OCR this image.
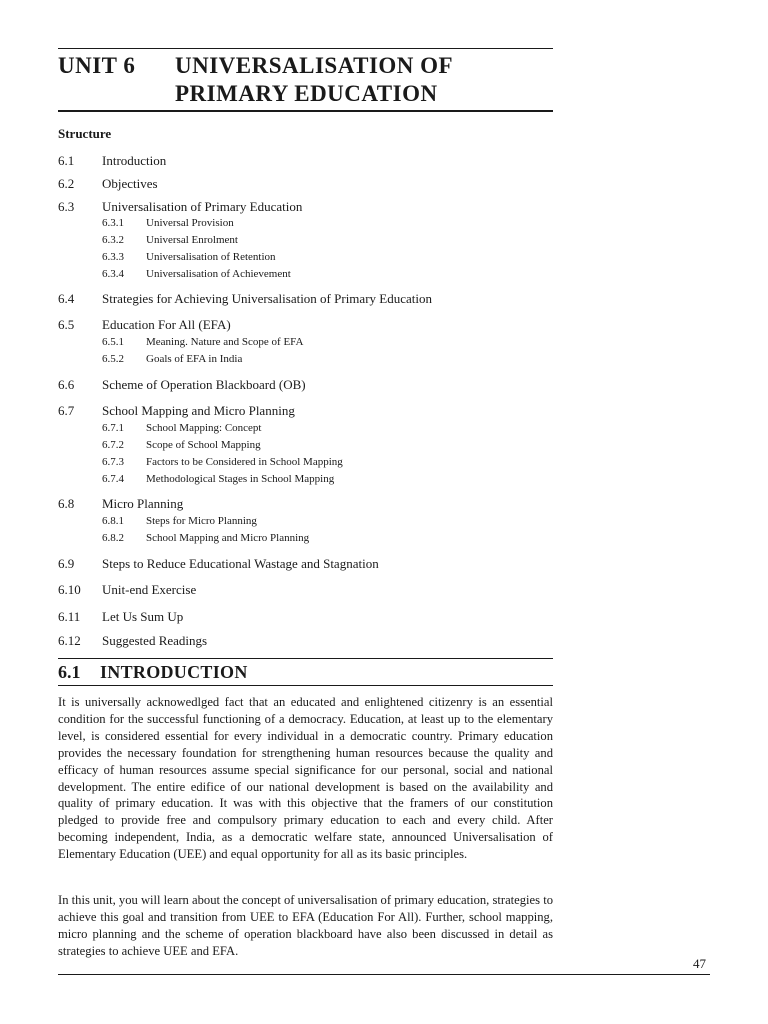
UNIT 6 UNIVERSALISATION OF
PRIMARY EDUCATION
Structure
6.1 Introduction
6.2 Objectives
6.3 Universalisation of Primary Education
6.3.1 Universal Provision
6.3.2 Universal Enrolment
6.3.3 Universalisation of Retention
6.3.4 Universalisation of Achievement
6.4 Strategies for Achieving Universalisation of Primary Education
6.5 Education For All (EFA)
6.5.1 Meaning. Nature and Scope of EFA
6.5.2 Goals of EFA in India
6.6 Scheme of Operation Blackboard (OB)
6.7 School Mapping and Micro Planning
6.7.1 School Mapping: Concept
6.7.2 Scope of School Mapping
6.7.3 Factors to be Considered in School Mapping
6.7.4 Methodological Stages in School Mapping
6.8 Micro Planning
6.8.1 Steps for Micro Planning
6.8.2 School Mapping and Micro Planning
6.9 Steps to Reduce Educational Wastage and Stagnation
6.10 Unit-end Exercise
6.11 Let Us Sum Up
6.12 Suggested Readings
6.1 INTRODUCTION

It is universally acknowedlged fact that an educated and enlightened citizenry is an essential condition for the successful functioning of a democracy. Education, at least up to the elementary level, is considered essential for every individual in a democratic country. Primary education provides the necessary foundation for strengthening human resources because the quality and efficacy of human resources assume special significance for our personal, social and national development. The entire edifice of our national development is based on the availability and quality of primary education. It was with this objective that the framers of our constitution pledged to provide free and compulsory primary education to each and every child. After becoming independent, India, as a democratic welfare state, announced Universalisation of Elementary Education (UEE) and equal opportunity for all as its basic principles.

In this unit, you will learn about the concept of universalisation of primary education, strategies to achieve this goal and transition from UEE to EFA (Education For All). Further, school mapping, micro planning and the scheme of operation blackboard have also been discussed in detail as strategies to achieve UEE and EFA.

47
